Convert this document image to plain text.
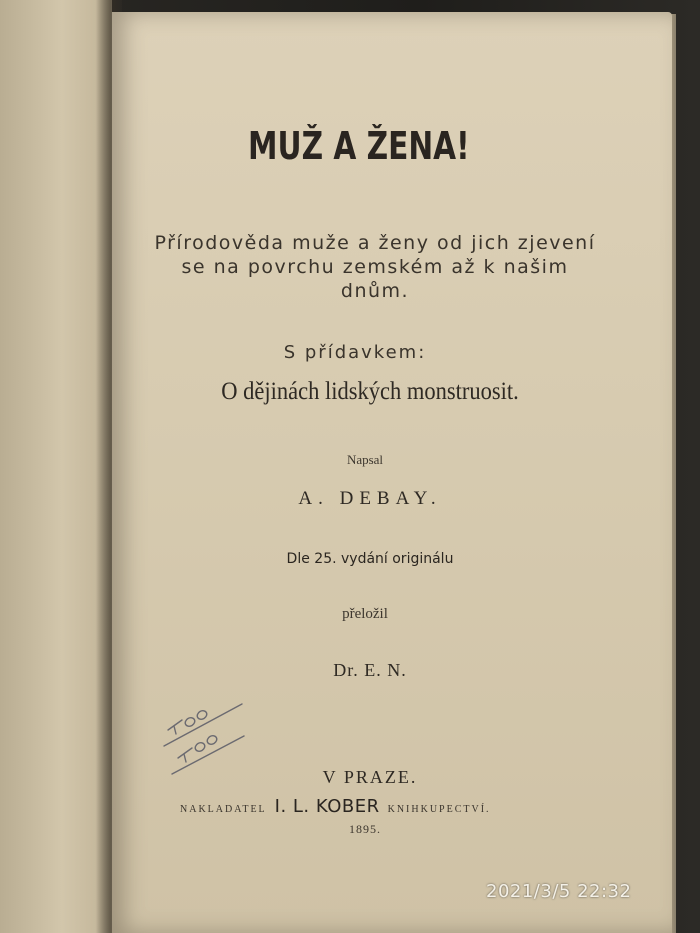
MUŽ A ŽENA!
Přírodověda muže a ženy od jich zjevení
se na povrchu zemském až k našim
dnům.
S přídavkem:
O dějinách lidských monstruosit.
Napsal
A. DEBAY.
Dle 25. vydání originálu
přeložil
Dr. E. N.
V PRAZE.
NAKLADATEL I. L. KOBER KNIHKUPECTVÍ.
1895.
2021/3/5 22:32
